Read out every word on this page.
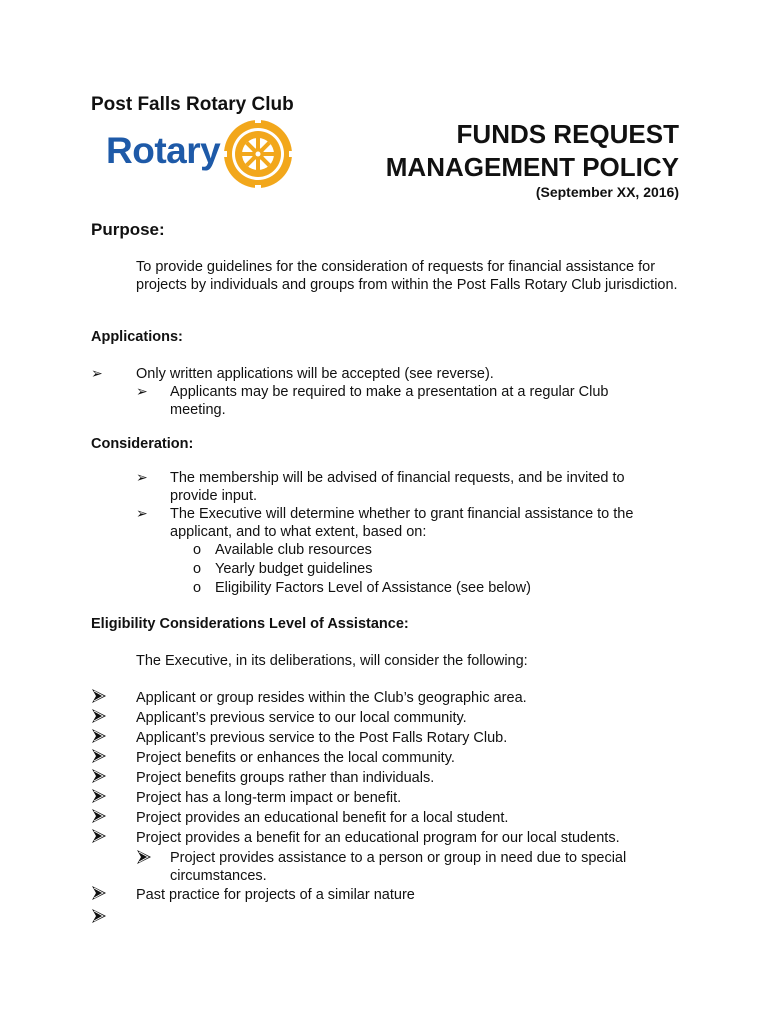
Post Falls Rotary Club
Rotary	FUNDS REQUEST
MANAGEMENT POLICY
(September XX, 2016)
Purpose:
To provide guidelines for the consideration of requests for financial assistance for projects by individuals and groups from within the Post Falls Rotary Club jurisdiction.
Applications:
➢ Only written applications will be accepted (see reverse).
➢ Applicants may be required to make a presentation at a regular Club
meeting.
Consideration:
➢ The membership will be advised of financial requests, and be invited to
provide input.
➢ The Executive will determine whether to grant financial assistance to the
applicant, and to what extent, based on:
o Available club resources
o Yearly budget guidelines
o Eligibility Factors Level of Assistance (see below)
Eligibility Considerations Level of Assistance:
The Executive, in its deliberations, will consider the following:
Applicant or group resides within the Club’s geographic area.
Applicant’s previous service to our local community.
Applicant’s previous service to the Post Falls Rotary Club.
Project benefits or enhances the local community.
Project benefits groups rather than individuals.
Project has a long-term impact or benefit.
Project provides an educational benefit for a local student.
Project provides a benefit for an educational program for our local students.
Project provides assistance to a person or group in need due to special
circumstances.
Past practice for projects of a similar nature
